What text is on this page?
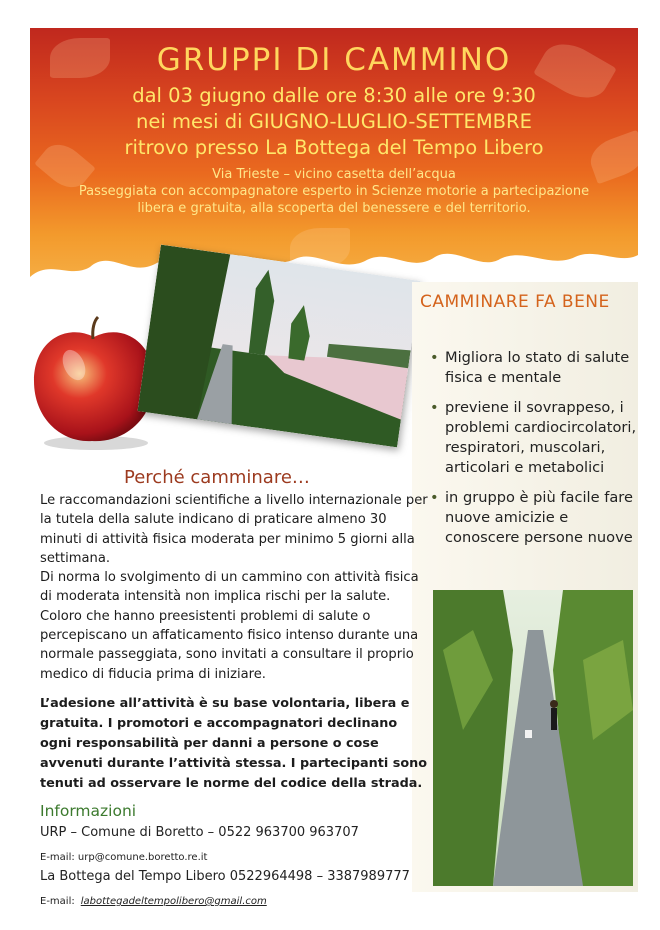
GRUPPI DI CAMMINO
dal 03 giugno dalle ore 8:30 alle ore 9:30
nei mesi di GIUGNO-LUGLIO-SETTEMBRE
ritrovo presso La Bottega del Tempo Libero
Via Trieste – vicino casetta dell’acqua
Passeggiata con accompagnatore esperto in Scienze motorie a partecipazione
libera e gratuita, alla scoperta del benessere e del territorio.
CAMMINARE FA BENE
• Migliora lo stato di salute fisica e mentale
• previene il sovrappeso, i problemi cardiocircolatori, respiratori, muscolari, articolari e metabolici
• in gruppo è più facile fare nuove amicizie e conoscere persone nuove
Perché camminare…

Le raccomandazioni scientifiche a livello internazionale per la tutela della salute indicano di praticare almeno 30 minuti di attività fisica moderata per minimo 5 giorni alla settimana.

Di norma lo svolgimento di un cammino con attività fisica di moderata intensità non implica rischi per la salute.

Coloro che hanno preesistenti problemi di salute o percepiscano un affaticamento fisico intenso durante una normale passeggiata, sono invitati a consultare il proprio medico di fiducia prima di iniziare.

L’adesione all’attività è su base volontaria, libera e gratuita. I promotori e accompagnatori declinano ogni responsabilità per danni a persone o cose avvenuti durante l’attività stessa. I partecipanti sono tenuti ad osservare le norme del codice della strada.
Informazioni
URP – Comune di Boretto – 0522 963700 963707
E-mail: urp@comune.boretto.re.it
La Bottega del Tempo Libero 0522964498 – 3387989777
E-mail: labottegadeltempolibero@gmail.com
